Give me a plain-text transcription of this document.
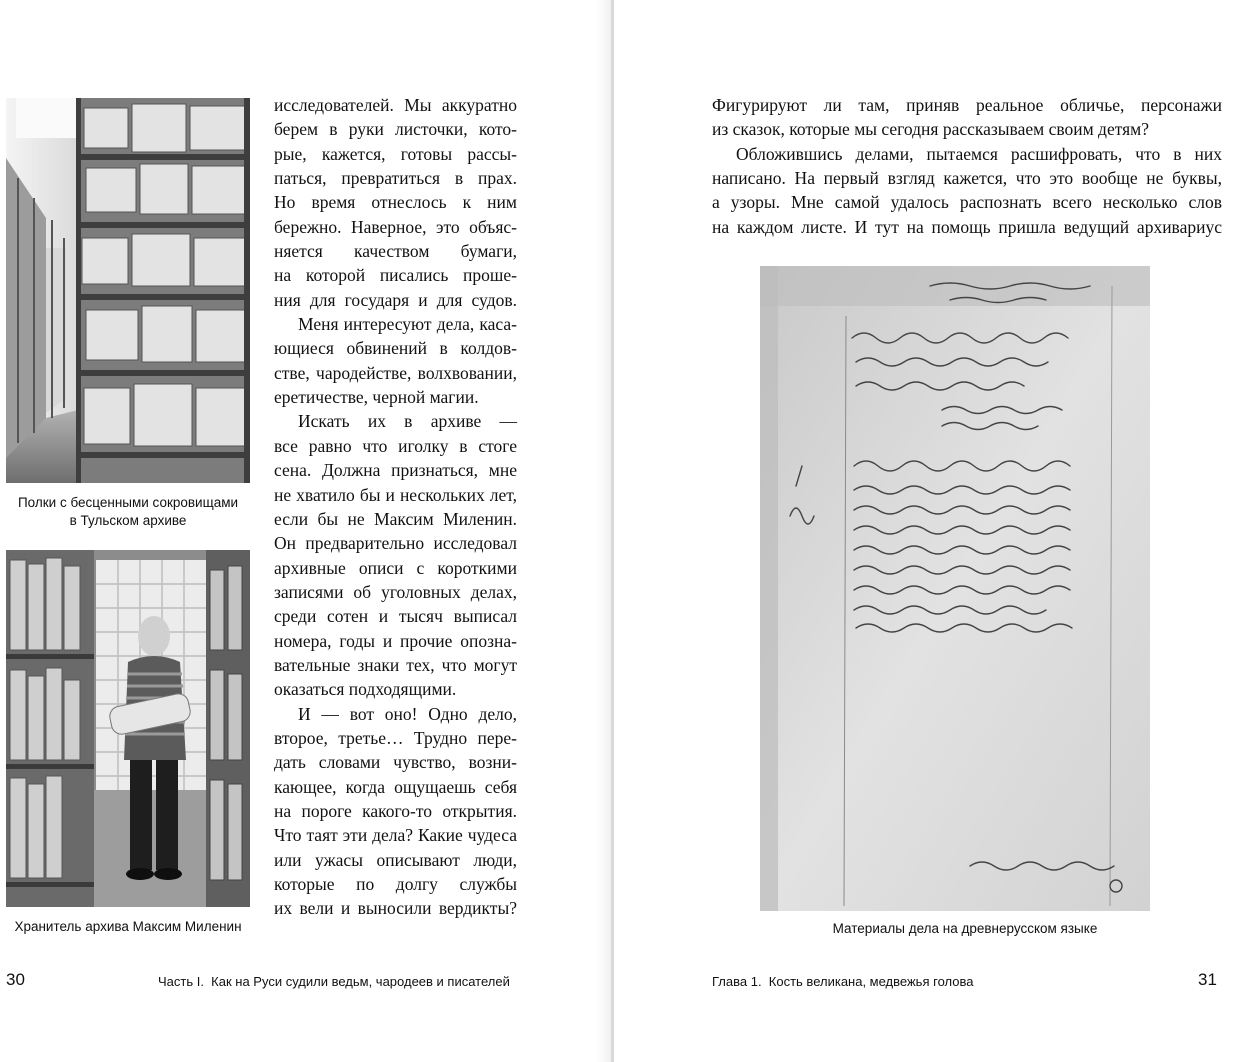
Полки с бесценными сокровищами
в Тульском архиве
Хранитель архива Максим Миленин

исследователей. Мы аккуратно
берем в руки листочки, кото-
рые, кажется, готовы рассы-
паться, превратиться в прах.
Но время отнеслось к ним
бережно. Наверное, это объяс-
няется качеством бумаги,
на которой писались проше-
ния для государя и для судов.

Меня интересуют дела, каса-
ющиеся обвинений в колдов-
стве, чародействе, волхвовании,
еретичестве, черной магии.

Искать их в архиве —
все равно что иголку в стоге
сена. Должна признаться, мне
не хватило бы и нескольких лет,
если бы не Максим Миленин.
Он предварительно исследовал
архивные описи с короткими
записями об уголовных делах,
среди сотен и тысяч выписал
номера, годы и прочие опозна-
вательные знаки тех, что могут
оказаться подходящими.

И — вот оно! Одно дело,
второе, третье… Трудно пере-
дать словами чувство, возни-
кающее, когда ощущаешь себя
на пороге какого-то открытия.
Что таят эти дела? Какие чудеса
или ужасы описывают люди,
которые по долгу службы
их вели и выносили вердикты?

30	Часть I.  Как на Руси судили ведьм, чародеев и писателей

Фигурируют ли там, приняв реальное обличье, персонажи
из сказок, которые мы сегодня рассказываем своим детям?

Обложившись делами, пытаемся расшифровать, что в них
написано. На первый взгляд кажется, что это вообще не буквы,
а узоры. Мне самой удалось распознать всего несколько слов
на каждом листе. И тут на помощь пришла ведущий архивариус

Материалы дела на древнерусском языке
Глава 1.  Кость великана, медвежья голова	31
